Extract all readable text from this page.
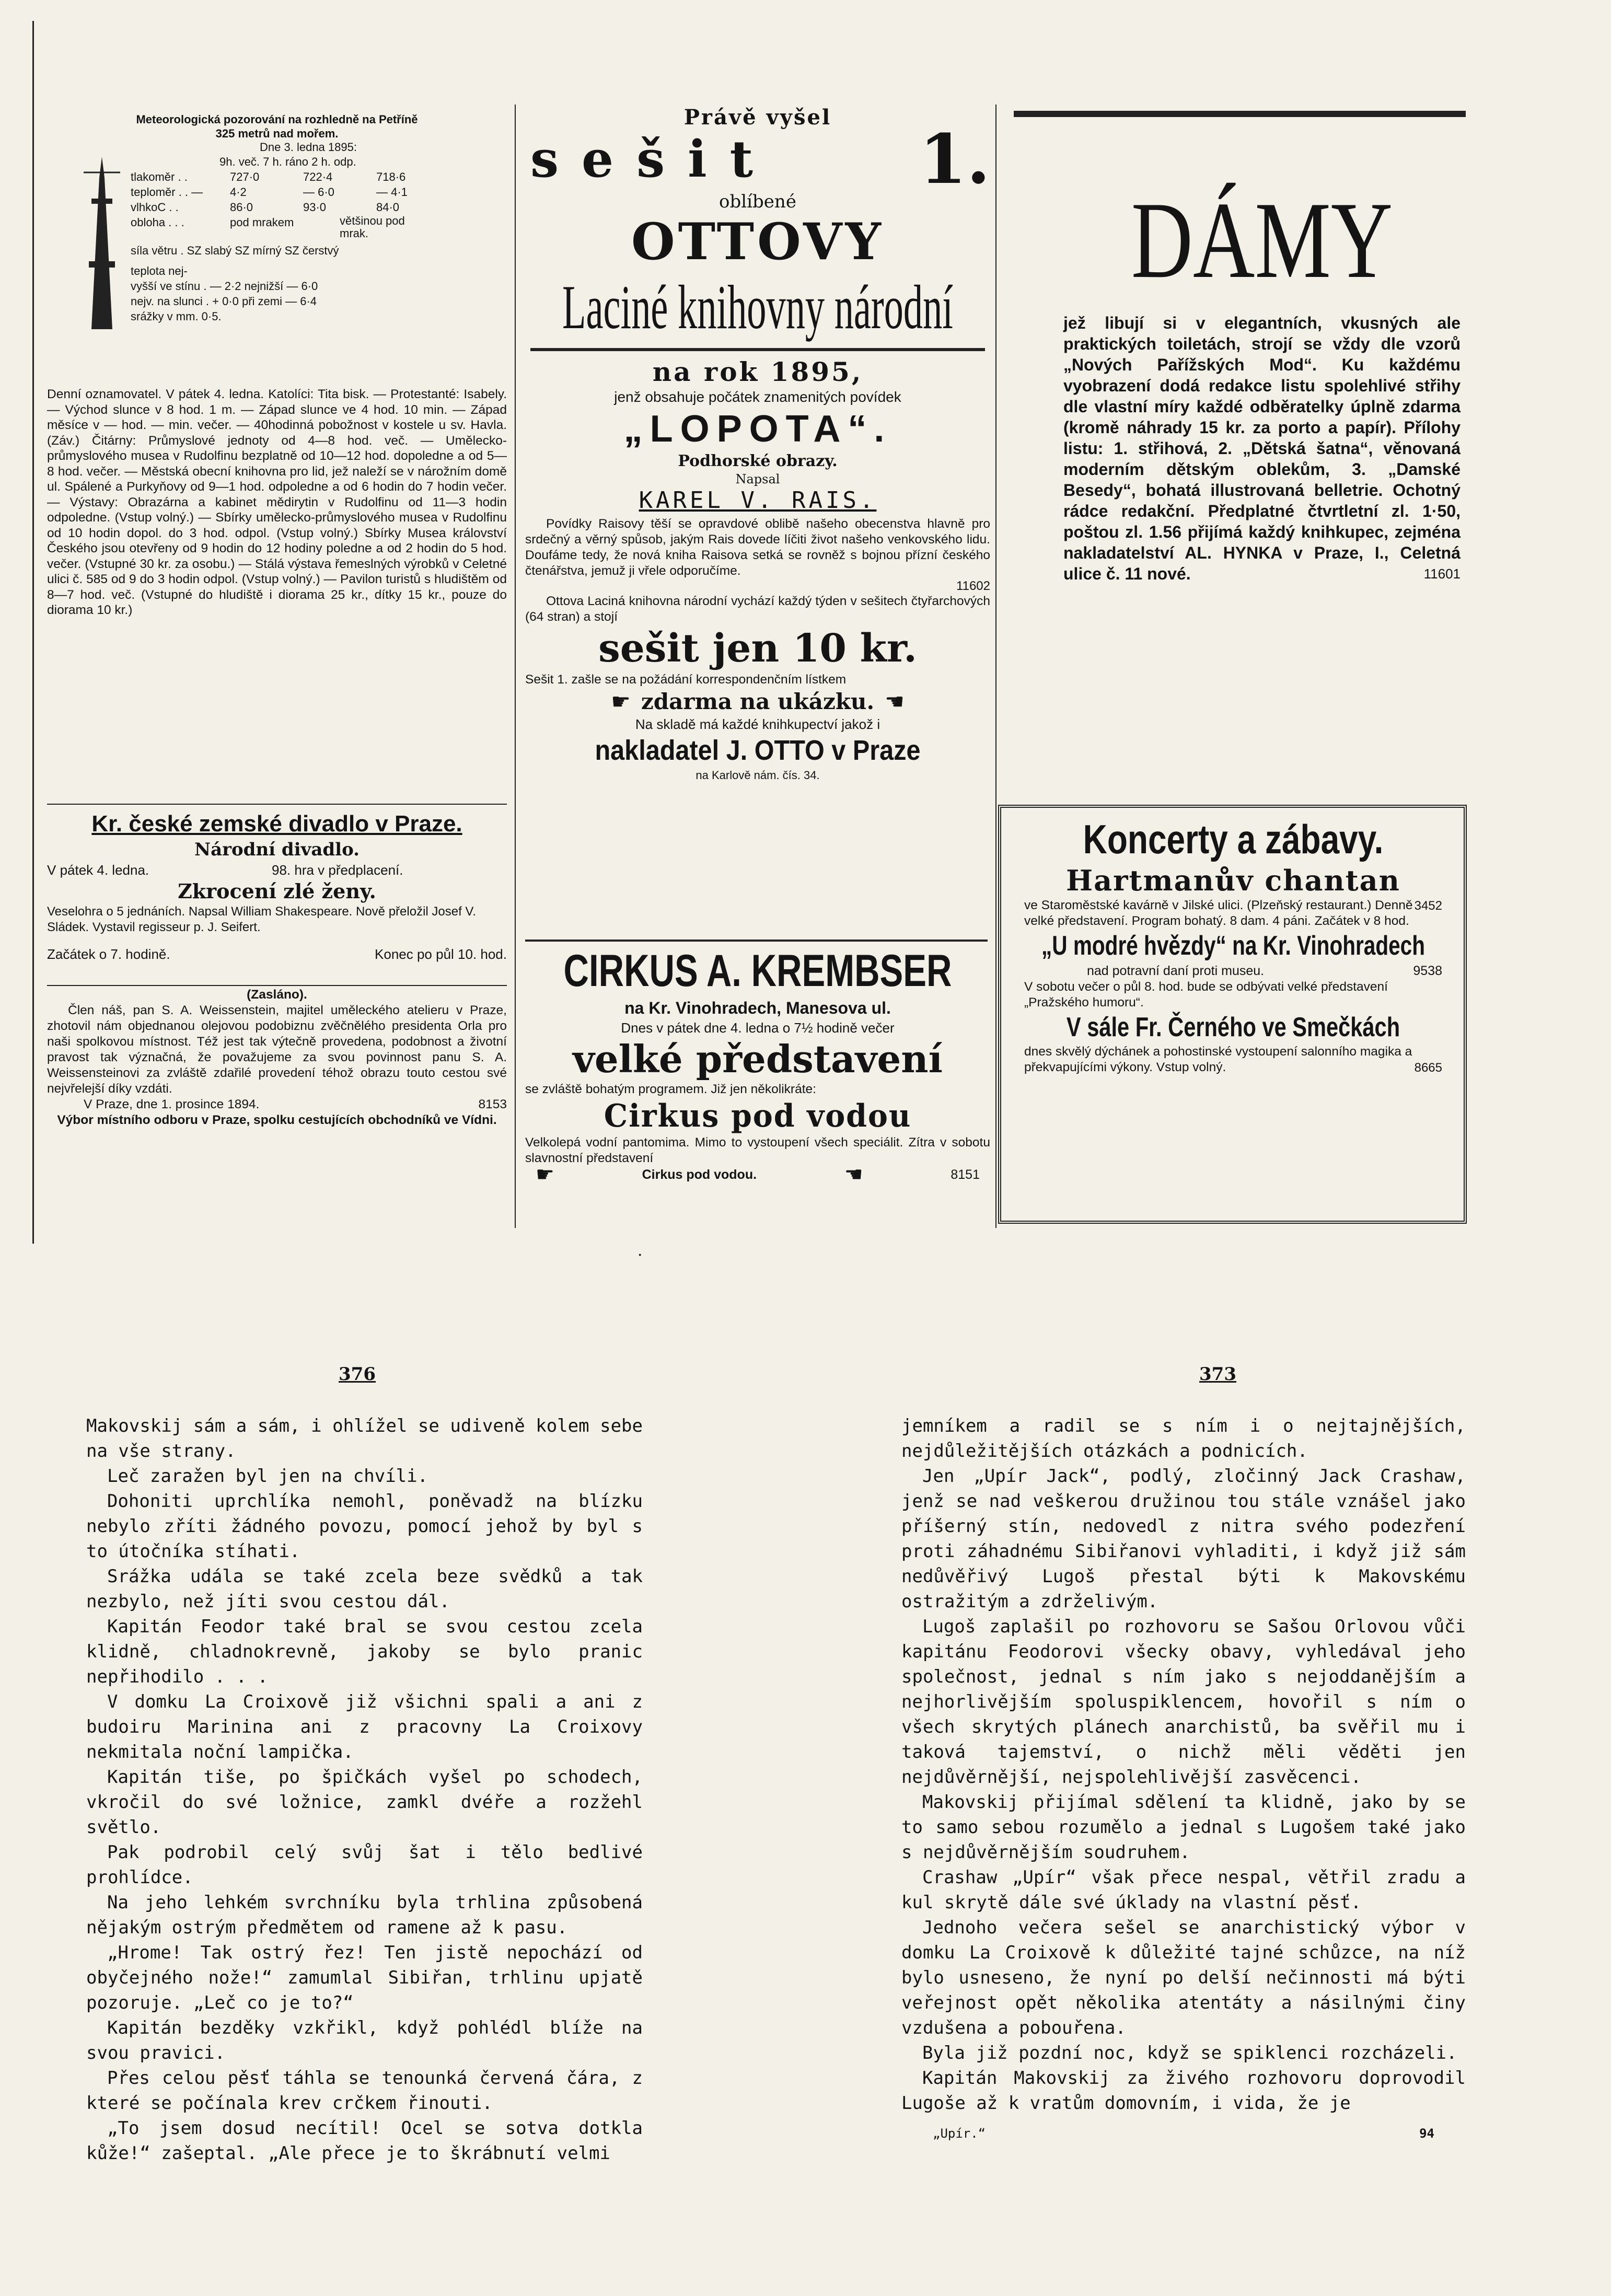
Meteorologická pozorování na rozhledně na Petříně
325 metrů nad mořem.
Dne 3. ledna 1895:
9h. več. 7 h. ráno 2 h. odp.
tlakoměr . .	727·0	722·4	718·6
teploměr . . —	4·2	— 6·0	— 4·1
vlhkoC . .	86·0	93·0	84·0
obloha . . .	pod mrakem	většinou pod mrak.
síla větru . SZ slabý SZ mírný SZ čerstvý
teplota nej-
vyšší ve stínu . — 2·2 nejnižší — 6·0
nejv. na slunci . + 0·0 při zemi — 6·4
srážky v mm. 0·5.

Denní oznamovatel. V pátek 4. ledna. Katolíci: Tita bisk. — Protestanté: Isabely. — Východ slunce v 8 hod. 1 m. — Západ slunce ve 4 hod. 10 min. — Západ měsíce v — hod. — min. večer. — 40hodinná pobožnost v kostele u sv. Havla. (Záv.) Čitárny: Průmyslové jednoty od 4—8 hod. več. — Umělecko-průmyslového musea v Rudolfinu bezplatně od 10—12 hod. dopoledne a od 5—8 hod. večer. — Městská obecní knihovna pro lid, jež naleží se v nárožním domě ul. Spálené a Purkyňovy od 9—1 hod. odpoledne a od 6 hodin do 7 hodin večer. — Výstavy: Obrazárna a kabinet mědirytin v Rudolfinu od 11—3 hodin odpoledne. (Vstup volný.) — Sbírky umělecko-průmyslového musea v Rudolfinu od 10 hodin dopol. do 3 hod. odpol. (Vstup volný.) Sbírky Musea království Českého jsou otevřeny od 9 hodin do 12 hodiny poledne a od 2 hodin do 5 hod. večer. (Vstupné 30 kr. za osobu.) — Stálá výstava řemeslných výrobků v Celetné ulici č. 585 od 9 do 3 hodin odpol. (Vstup volný.) — Pavilon turistů s hludištěm od 8—7 hod. več. (Vstupné do hludiště i diorama 25 kr., dítky 15 kr., pouze do diorama 10 kr.)

Kr. české zemské divadlo v Praze.
Národní divadlo.
V pátek 4. ledna.	98. hra v předplacení.
Zkrocení zlé ženy.
Veselohra o 5 jednáních. Napsal William Shakespeare. Nově přeložil Josef V. Sládek. Vystavil regisseur p. J. Seifert.
Začátek o 7. hodině.	Konec po půl 10. hod.
(Zasláno).

Člen náš, pan S. A. Weissenstein, majitel uměleckého atelieru v Praze, zhotovil nám objednanou olejovou podobiznu zvěčnělého presidenta Orla pro naši spolkovou místnost. Též jest tak výtečně provedena, podobnost a životní pravost tak význačná, že považujeme za svou povinnost panu S. A. Weissensteinovi za zvláště zdařilé provedení téhož obrazu touto cestou své nejvřelejší díky vzdáti.

V Praze, dne 1. prosince 1894.	8153
Výbor místního odboru v Praze, spolku cestujících obchodníků ve Vídni.
Právě vyšel
sešit 1.
oblíbené
OTTOVY
Laciné knihovny národní
na rok 1895,
jenž obsahuje počátek znamenitých povídek
„LOPOTA“.
Podhorské obrazy.
Napsal
KAREL V. RAIS.

Povídky Raisovy těší se opravdové oblibě našeho obecenstva hlavně pro srdečný a věrný spůsob, jakým Rais dovede líčiti život našeho venkovského lidu. Doufáme tedy, že nová kniha Raisova setká se rovněž s bojnou přízní českého čtenářstva, jemuž ji vřele odporučíme.

11602

Ottova Laciná knihovna národní vychází každý týden v sešitech čtyřarchových (64 stran) a stojí

sešit jen 10 kr.

Sešit 1. zašle se na požádání korrespondenčním lístkem

☛ zdarma na ukázku. ☚
Na skladě má každé knihkupectví jakož i
nakladatel J. OTTO v Praze
na Karlově nám. čís. 34.
CIRKUS A. KREMBSER
na Kr. Vinohradech, Manesova ul.
Dnes v pátek dne 4. ledna o 7½ hodině večer
velké představení
se zvláště bohatým programem. Již jen několikráte:
Cirkus pod vodou

Velkolepá vodní pantomima. Mimo to vystoupení všech speciálit. Zítra v sobotu slavnostní představení

☛	Cirkus pod vodou.	☚	8151
DÁMY

jež libují si v elegantních, vkusných ale praktických toiletách, strojí se vždy dle vzorů „Nových Pařížských Mod“. Ku každému vyobrazení dodá redakce listu spolehlivé střihy dle vlastní míry každé odběratelky úplně zdarma (kromě náhrady 15 kr. za porto a papír). Přílohy listu: 1. střihová, 2. „Dětská šatna“, věnovaná moderním dětským oblekům, 3. „Damské Besedy“, bohatá illustrovaná belletrie. Ochotný rádce redakční. Předplatné čtvrtletní zl. 1·50, poštou zl. 1.56 přijímá každý knihkupec, zejména nakladatelství AL. HYNKA v Praze, I., Celetná ulice č. 11 nové.	11601
Koncerty a zábavy.
Hartmanův chantan

ve Staroměstské kavárně v Jilské ulici. (Plzeňský restaurant.) Denně velké představení. Program bohatý. 8 dam. 4 páni. Začátek v 8 hod.

3452
„U modré hvězdy“ na Kr. Vinohradech
nad potravní daní proti museu.	9538

V sobotu večer o půl 8. hod. bude se odbývati velké představení „Pražského humoru“.

V sále Fr. Černého ve Smečkách

dnes skvělý dýchánek a pohostinské vystoupení salonního magika a překvapujícími výkony. Vstup volný.	8665
·
376	373

Makovskij sám a sám, i ohlížel se udiveně kolem sebe na vše strany.

Leč zaražen byl jen na chvíli.

Dohoniti uprchlíka nemohl, poněvadž na blízku nebylo zříti žádného povozu, pomocí jehož by byl s to útočníka stíhati.

Srážka udála se také zcela beze svědků a tak nezbylo, než jíti svou cestou dál.

Kapitán Feodor také bral se svou cestou zcela klidně, chladnokrevně, jakoby se bylo pranic nepřihodilo . . .

V domku La Croixově již všichni spali a ani z budoiru Marinina ani z pracovny La Croixovy nekmitala noční lampička.

Kapitán tiše, po špičkách vyšel po schodech, vkročil do své ložnice, zamkl dvéře a rozžehl světlo.

Pak podrobil celý svůj šat i tělo bedlivé prohlídce.

Na jeho lehkém svrchníku byla trhlina způsobená nějakým ostrým předmětem od ramene až k pasu.

„Hrome! Tak ostrý řez! Ten jistě nepochází od obyčejného nože!“ zamumlal Sibiřan, trhlinu upjatě pozoruje. „Leč co je to?“

Kapitán bezděky vzkřikl, když pohlédl blíže na svou pravici.

Přes celou pěsť táhla se tenounká červená čára, z které se počínala krev crčkem řinouti.

„To jsem dosud necítil! Ocel se sotva dotkla kůže!“ zašeptal. „Ale přece je to škrábnutí velmi

jemníkem a radil se s ním i o nejtajnějších, nejdůležitějších otázkách a podnicích.

Jen „Upír Jack“, podlý, zločinný Jack Crashaw, jenž se nad veškerou družinou tou stále vznášel jako příšerný stín, nedovedl z nitra svého podezření proti záhadnému Sibiřanovi vyhladiti, i když již sám nedůvěřivý Lugoš přestal býti k Makovskému ostražitým a zdrželivým.

Lugoš zaplašil po rozhovoru se Sašou Orlovou vůči kapitánu Feodorovi všecky obavy, vyhledával jeho společnost, jednal s ním jako s nejoddanějším a nejhorlivějším spoluspiklencem, hovořil s ním o všech skrytých plánech anarchistů, ba svěřil mu i taková tajemství, o nichž měli věděti jen nejdůvěrnější, nejspolehlivější zasvěcenci.

Makovskij přijímal sdělení ta klidně, jako by se to samo sebou rozumělo a jednal s Lugošem také jako s nejdůvěrnějším soudruhem.

Crashaw „Upír“ však přece nespal, větřil zradu a kul skrytě dále své úklady na vlastní pěsť.

Jednoho večera sešel se anarchistický výbor v domku La Croixově k důležité tajné schůzce, na níž bylo usneseno, že nyní po delší nečinnosti má býti veřejnost opět několika atentáty a násilnými činy vzdušena a pobouřena.

Byla již pozdní noc, když se spiklenci rozcházeli.

Kapitán Makovskij za živého rozhovoru doprovodil Lugoše až k vratům domovním, i vida, že je

„Upír.“	94
